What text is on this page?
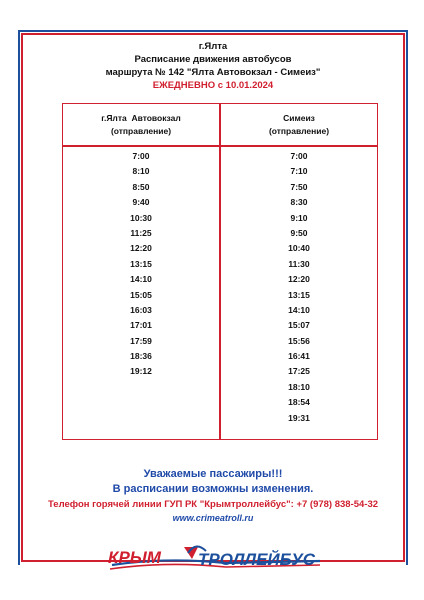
г.Ялта
Расписание движения автобусов
маршрута № 142 "Ялта Автовокзал - Симеиз"
ЕЖЕДНЕВНО с 10.01.2024
г.Ялта  Автовокзал
(отправление)
Симеиз
(отправление)
7:00
8:10
8:50
9:40
10:30
11:25
12:20
13:15
14:10
15:05
16:03
17:01
17:59
18:36
19:12
7:00
7:10
7:50
8:30
9:10
9:50
10:40
11:30
12:20
13:15
14:10
15:07
15:56
16:41
17:25
18:10
18:54
19:31
Уважаемые пассажиры!!!
В расписании возможны изменения.
Телефон горячей линии ГУП РК "Крымтроллейбус": +7 (978) 838-54-32
www.crimeatroll.ru
КРЫМ ТРОЛЛЕЙБУС
